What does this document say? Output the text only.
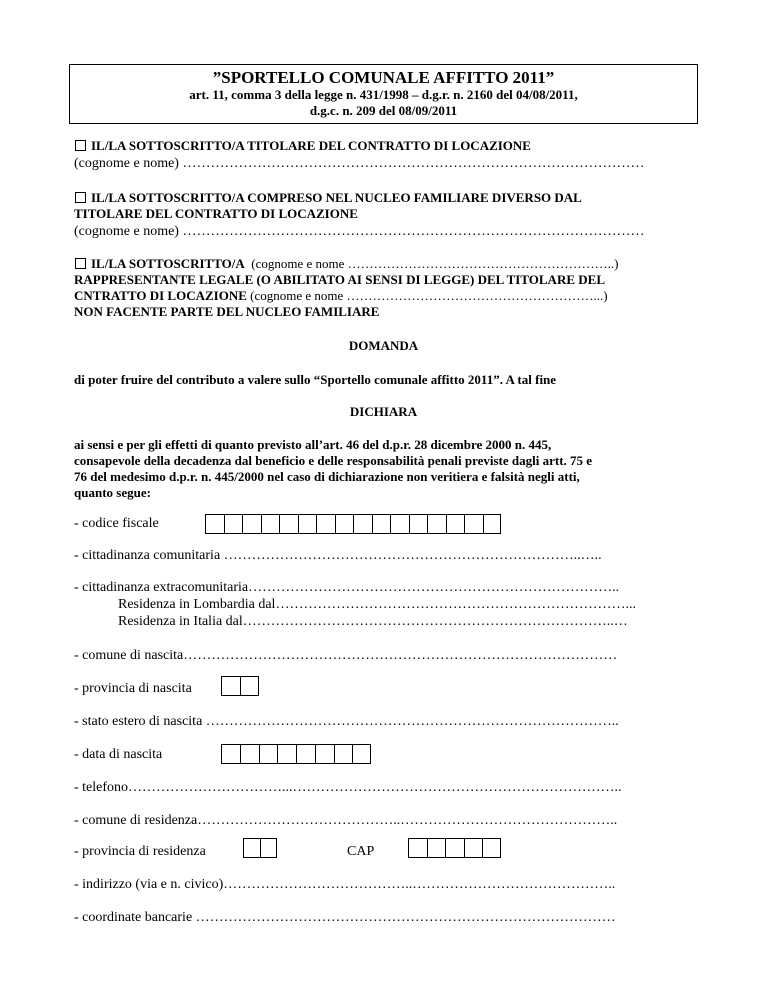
”SPORTELLO COMUNALE AFFITTO 2011”
art. 11, comma 3 della legge n. 431/1998 – d.g.r. n. 2160 del 04/08/2011,
d.g.c. n. 209 del 08/09/2011
IL/LA SOTTOSCRITTO/A TITOLARE DEL CONTRATTO DI LOCAZIONE
(cognome e nome) ………………………………………………………………………………………
IL/LA SOTTOSCRITTO/A COMPRESO NEL NUCLEO FAMILIARE DIVERSO DAL
TITOLARE DEL CONTRATTO DI LOCAZIONE
(cognome e nome) ………………………………………………………………………………………
IL/LA SOTTOSCRITTO/A (cognome e nome ……………………………………………………..)
RAPPRESENTANTE LEGALE (O ABILITATO AI SENSI DI LEGGE) DEL TITOLARE DEL
CNTRATTO DI LOCAZIONE (cognome e nome …………………………………………………...)
NON FACENTE PARTE DEL NUCLEO FAMILIARE
DOMANDA
di poter fruire del contributo a valere sullo “Sportello comunale affitto 2011”. A tal fine
DICHIARA
ai sensi e per gli effetti di quanto previsto all’art. 46 del d.p.r. 28 dicembre 2000 n. 445,
consapevole della decadenza dal beneficio e delle responsabilità penali previste dagli artt. 75 e
76 del medesimo d.p.r. n. 445/2000 nel caso di dichiarazione non veritiera e falsità negli atti,
quanto segue:
- codice fiscale
- cittadinanza comunitaria …………………………………………………………………..…..
- cittadinanza extracomunitaria……………………………………………………………………..
Residenza in Lombardia dal…………………………………………………………………...
Residenza in Italia dal……………………………………………………………………..…
- comune di nascita…………………………………………………………………………………
- provincia di nascita
- stato estero di nascita ……………………………………………………………………………..
- data di nascita
- telefono……………………………...……………………………………………………………..
- comune di residenza……………………………………..………………………………………..
- provincia di residenza	CAP
- indirizzo (via e n. civico)…………………………………..……………………………………..
- coordinate bancarie ………………………………………………………………………………
